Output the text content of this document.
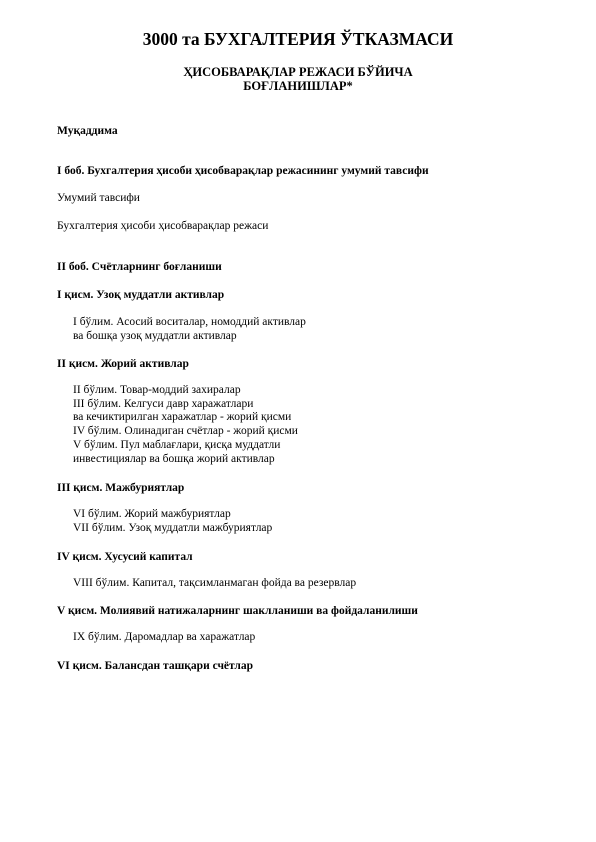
3000 та БУХГАЛТЕРИЯ ЎТКАЗМАСИ
ҲИСОБВАРАҚЛАР РЕЖАСИ БЎЙИЧА
БОҒЛАНИШЛАР*
Муқаддима
I боб. Бухгалтерия ҳисоби ҳисобварақлар режасининг умумий тавсифи
Умумий тавсифи
Бухгалтерия ҳисоби ҳисобварақлар режаси
II боб. Счётларнинг боғланиши
I қисм. Узоқ муддатли активлар
I бўлим. Асосий воситалар, номоддий активлар
ва бошқа узоқ муддатли активлар
II қисм. Жорий активлар
II бўлим. Товар-моддий захиралар
III бўлим. Келгуси давр харажатлари
ва кечиктирилган харажатлар - жорий қисми
IV бўлим. Олинадиган счётлар - жорий қисми
V бўлим. Пул маблағлари, қисқа муддатли
инвестициялар ва бошқа жорий активлар
III қисм. Мажбуриятлар
VI бўлим. Жорий мажбуриятлар
VII бўлим. Узоқ муддатли мажбуриятлар
IV қисм. Хусусий капитал
VIII бўлим. Капитал, тақсимланмаган фойда ва резервлар
V қисм. Молиявий натижаларнинг шаклланиши ва фойдаланилиши
IX бўлим. Даромадлар ва харажатлар
VI қисм. Балансдан ташқари счётлар
